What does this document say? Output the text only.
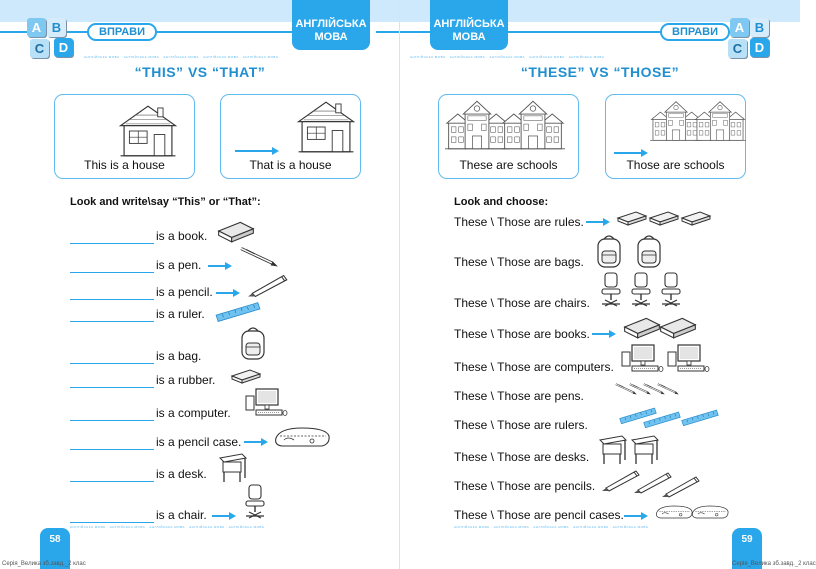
A B
C	D
ВПРАВИ
АНГЛІЙСЬКА МОВА
АНГЛІЙСЬКА МОВА · АНГЛІЙСЬКА МОВА · АНГЛІЙСЬКА МОВА · АНГЛІЙСЬКА МОВА · АНГЛІЙСЬКА МОВА
“THIS” VS “THAT”
This is a house	That is a house
Look and write\say “This” or “That”:
is a book.
is a pen.
is a pencil.
is a ruler.
is a bag.
is a rubber.
is a computer.
is a pencil case.
is a desk.
is a chair.
АНГЛІЙСЬКА МОВА · АНГЛІЙСЬКА МОВА · АНГЛІЙСЬКА МОВА · АНГЛІЙСЬКА МОВА · АНГЛІЙСЬКА МОВА
58
Серія_Велика зб.завд._2 клас
АНГЛІЙСЬКА МОВА	ВПРАВИ	A B
C D
АНГЛІЙСЬКА МОВА · АНГЛІЙСЬКА МОВА · АНГЛІЙСЬКА МОВА · АНГЛІЙСЬКА МОВА · АНГЛІЙСЬКА МОВА
“THESE” VS “THOSE”
These are schools	Those are schools
Look and choose:
These \ Those are rules.
These \ Those are bags.
These \ Those are chairs.
These \ Those are books.
These \ Those are computers.
These \ Those are pens.
These \ Those are rulers.
These \ Those are desks.
These \ Those are pencils.
These \ Those are pencil cases.
АНГЛІЙСЬКА МОВА · АНГЛІЙСЬКА МОВА · АНГЛІЙСЬКА МОВА · АНГЛІЙСЬКА МОВА · АНГЛІЙСЬКА МОВА
59
Серія_Велика зб.завд._2 клас
